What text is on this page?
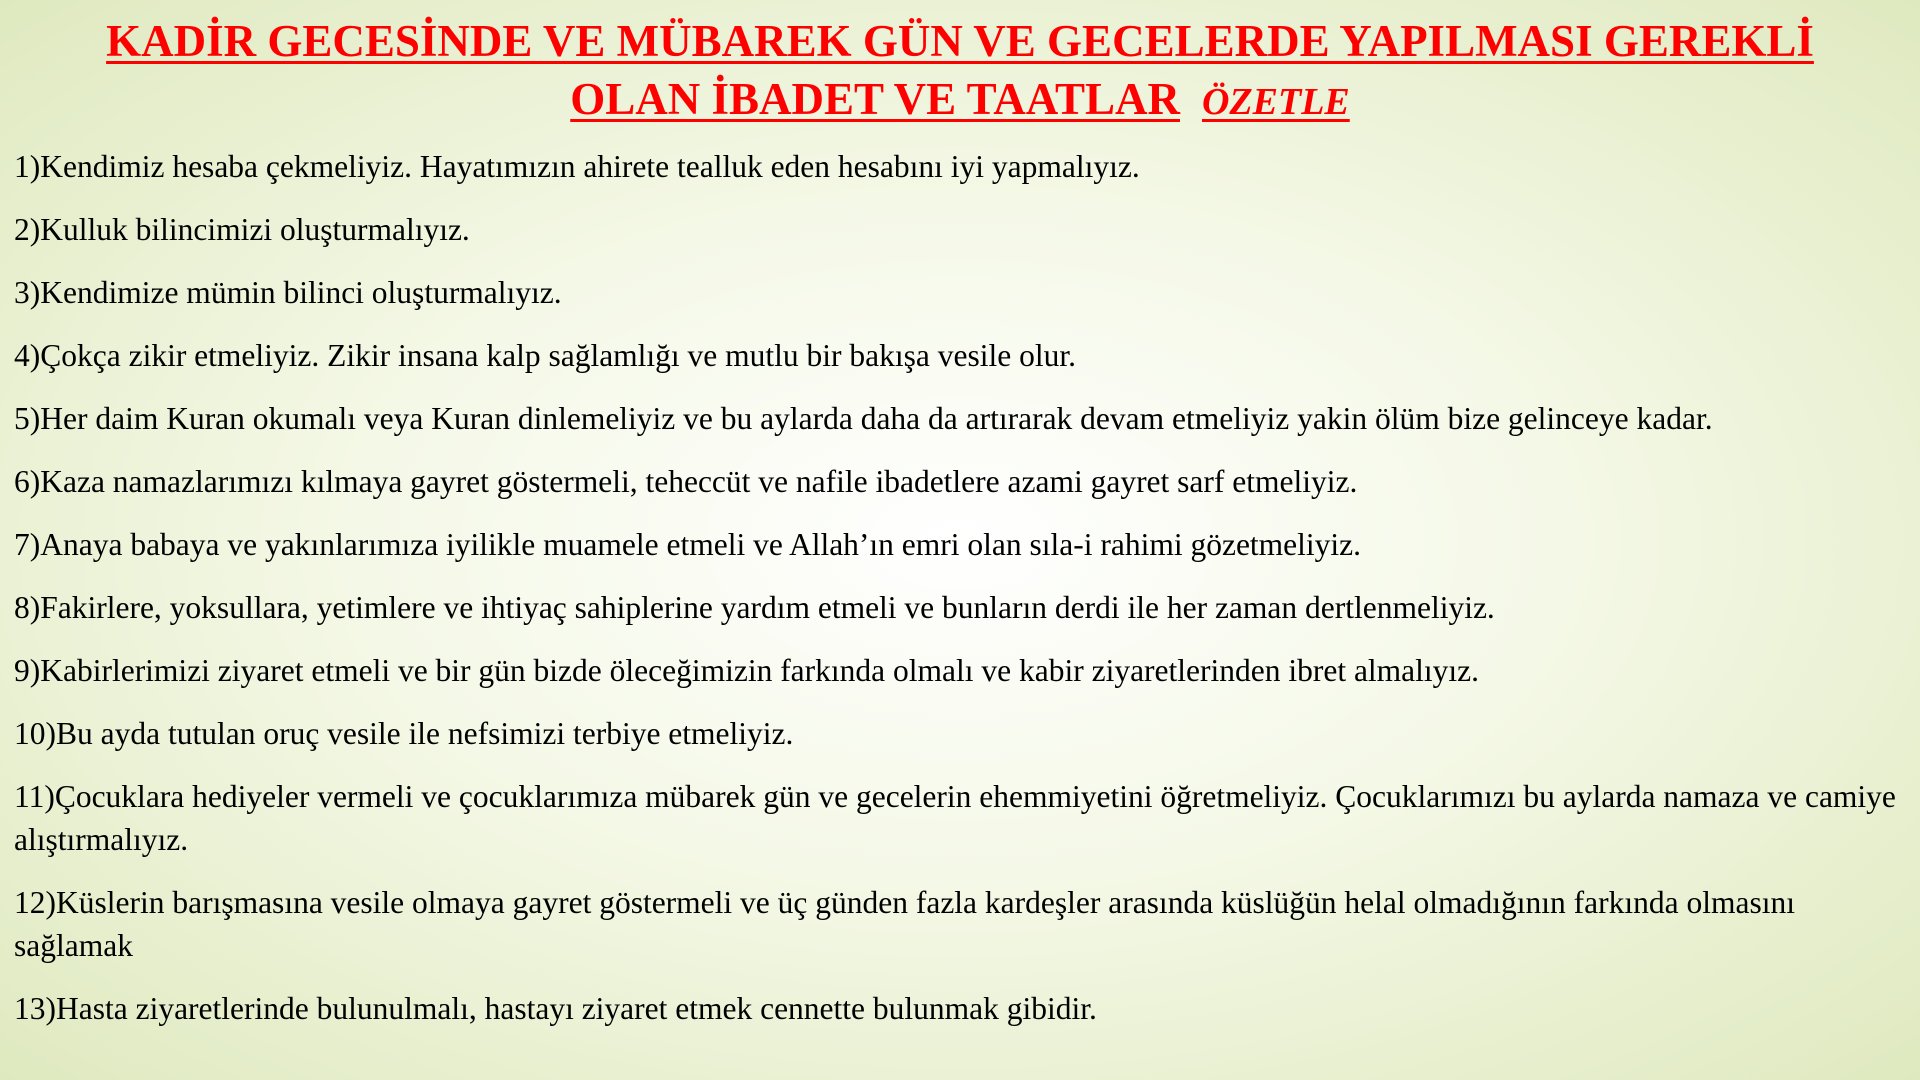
KADİR GECESİNDE VE MÜBAREK GÜN VE GECELERDE YAPILMASI GEREKLİ
OLAN İBADET VE TAATLAR ÖZETLE

1)Kendimiz hesaba çekmeliyiz. Hayatımızın ahirete tealluk eden hesabını iyi yapmalıyız.

2)Kulluk bilincimizi oluşturmalıyız.

3)Kendimize mümin bilinci oluşturmalıyız.

4)Çokça zikir etmeliyiz. Zikir insana kalp sağlamlığı ve mutlu bir bakışa vesile olur.

5)Her daim Kuran okumalı veya Kuran dinlemeliyiz ve bu aylarda daha da artırarak devam etmeliyiz yakin ölüm bize gelinceye kadar.

6)Kaza namazlarımızı kılmaya gayret göstermeli, teheccüt ve nafile ibadetlere azami gayret sarf etmeliyiz.

7)Anaya babaya ve yakınlarımıza iyilikle muamele etmeli ve Allah’ın emri olan sıla-i rahimi gözetmeliyiz.

8)Fakirlere, yoksullara, yetimlere ve ihtiyaç sahiplerine yardım etmeli ve bunların derdi ile her zaman dertlenmeliyiz.

9)Kabirlerimizi ziyaret etmeli ve bir gün bizde öleceğimizin farkında olmalı ve kabir ziyaretlerinden ibret almalıyız.

10)Bu ayda tutulan oruç vesile ile nefsimizi terbiye etmeliyiz.

11)Çocuklara hediyeler vermeli ve çocuklarımıza mübarek gün ve gecelerin ehemmiyetini öğretmeliyiz. Çocuklarımızı bu aylarda namaza ve camiye alıştırmalıyız.

12)Küslerin barışmasına vesile olmaya gayret göstermeli ve üç günden fazla kardeşler arasında küslüğün helal olmadığının farkında olmasını sağlamak

13)Hasta ziyaretlerinde bulunulmalı, hastayı ziyaret etmek cennette bulunmak gibidir.
